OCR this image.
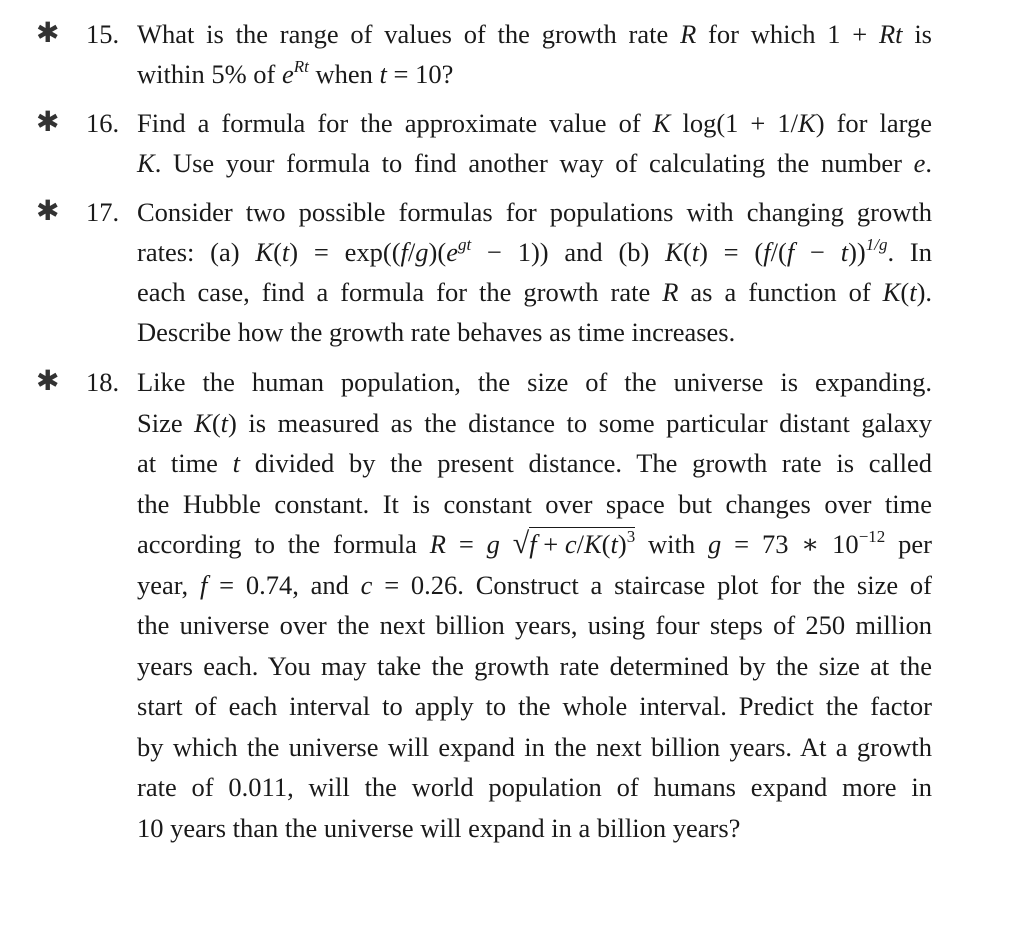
✱ 15. What is the range of values of the growth rate R for which 1 + Rt is
within 5% of $e^{Rt}$ when t = 10?
✱ 16. Find a formula for the approximate value of K log(1 + 1/K) for large
K. Use your formula to find another way of calculating the number e.
✱ 17. Consider two possible formulas for populations with changing growth
rates: (a) $K(t) = \exp((f/g)(e^{gt} - 1))$ and (b) $K(t) = (f/(f - t))^{1/g}$. In
each case, find a formula for the growth rate R as a function of K(t).
Describe how the growth rate behaves as time increases.
✱ 18. Like the human population, the size of the universe is expanding.
Size K(t) is measured as the distance to some particular distant galaxy
at time t divided by the present distance. The growth rate is called
the Hubble constant. It is constant over space but changes over time
according to the formula R = g $√f + c/K(t)^3$ with g = 73 ∗ $10^{-12}$ per
year, f = 0.74, and c = 0.26. Construct a staircase plot for the size of
the universe over the next billion years, using four steps of 250 million
years each. You may take the growth rate determined by the size at the
start of each interval to apply to the whole interval. Predict the factor
by which the universe will expand in the next billion years. At a growth
rate of 0.011, will the world population of humans expand more in
10 years than the universe will expand in a billion years?
